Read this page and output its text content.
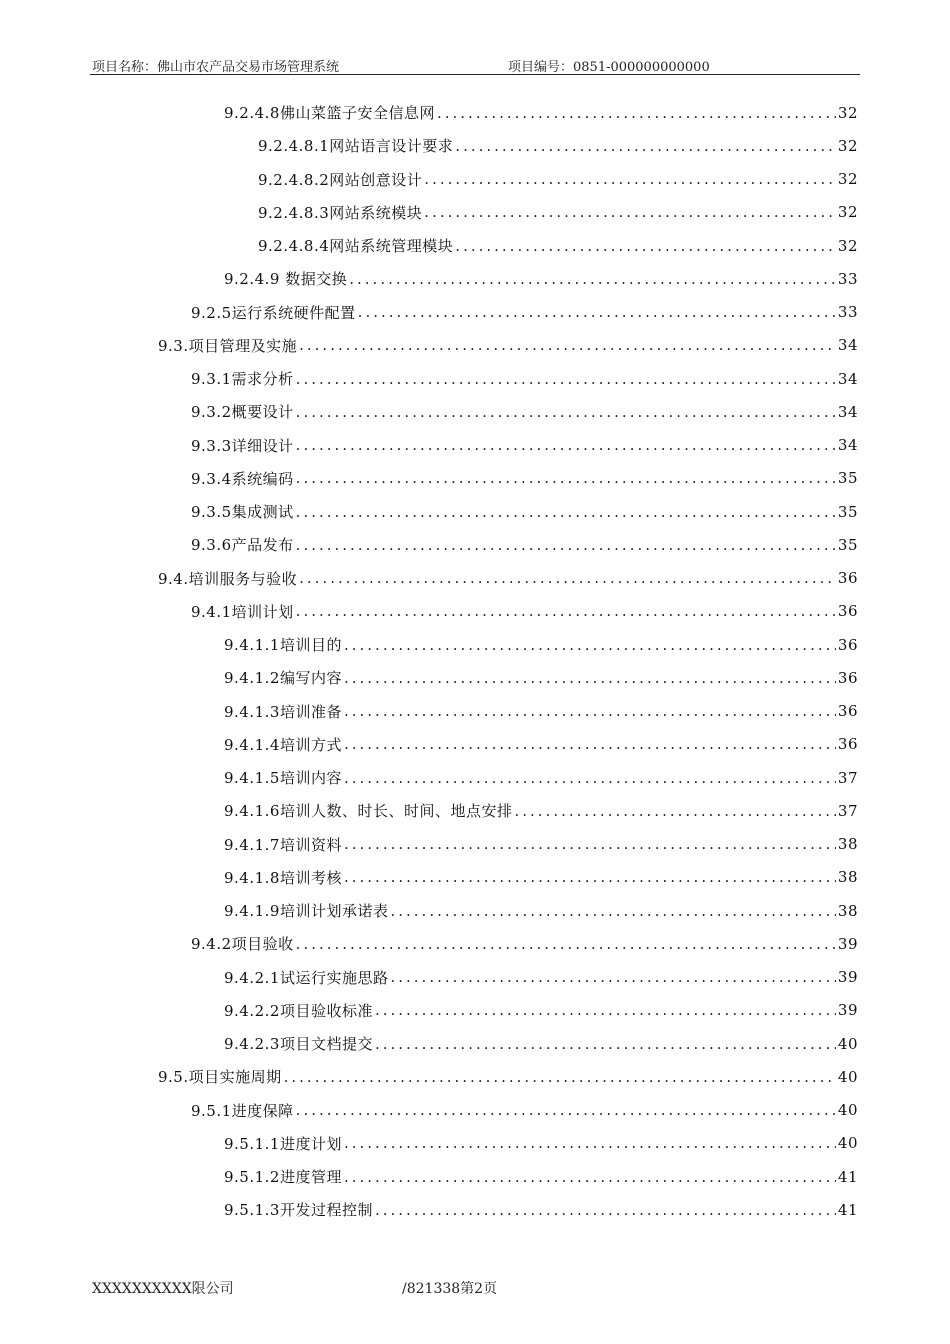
项目名称：佛山市农产品交易市场管理系统	项目编号：0851-000000000000
9.2.4.8佛山菜篮子安全信息网 .....	32
9.2.4.8.1网站语言设计要求 .....	32
9.2.4.8.2网站创意设计 .....	32
9.2.4.8.3网站系统模块 .....	32
9.2.4.8.4网站系统管理模块 .....	32
9.2.4.9 数据交换 .....	33
9.2.5运行系统硬件配置 .....	33
9.3.项目管理及实施 .....	34
9.3.1需求分析 .....	34
9.3.2概要设计 .....	34
9.3.3详细设计 .....	34
9.3.4系统编码 .....	35
9.3.5集成测试 .....	35
9.3.6产品发布 .....	35
9.4.培训服务与验收 .....	36
9.4.1培训计划 .....	36
9.4.1.1培训目的 .....	36
9.4.1.2编写内容 .....	36
9.4.1.3培训准备 .....	36
9.4.1.4培训方式 .....	36
9.4.1.5培训内容 .....	37
9.4.1.6培训人数、时长、时间、地点安排 .....	37
9.4.1.7培训资料 .....	38
9.4.1.8培训考核 .....	38
9.4.1.9培训计划承诺表 .....	38
9.4.2项目验收 .....	39
9.4.2.1试运行实施思路 .....	39
9.4.2.2项目验收标准 .....	39
9.4.2.3项目文档提交 .....	40
9.5.项目实施周期 .....	40
9.5.1进度保障 .....	40
9.5.1.1进度计划 .....	40
9.5.1.2进度管理 .....	41
9.5.1.3开发过程控制 .....	41
XXXXXXXXXX限公司	/821338第2页
